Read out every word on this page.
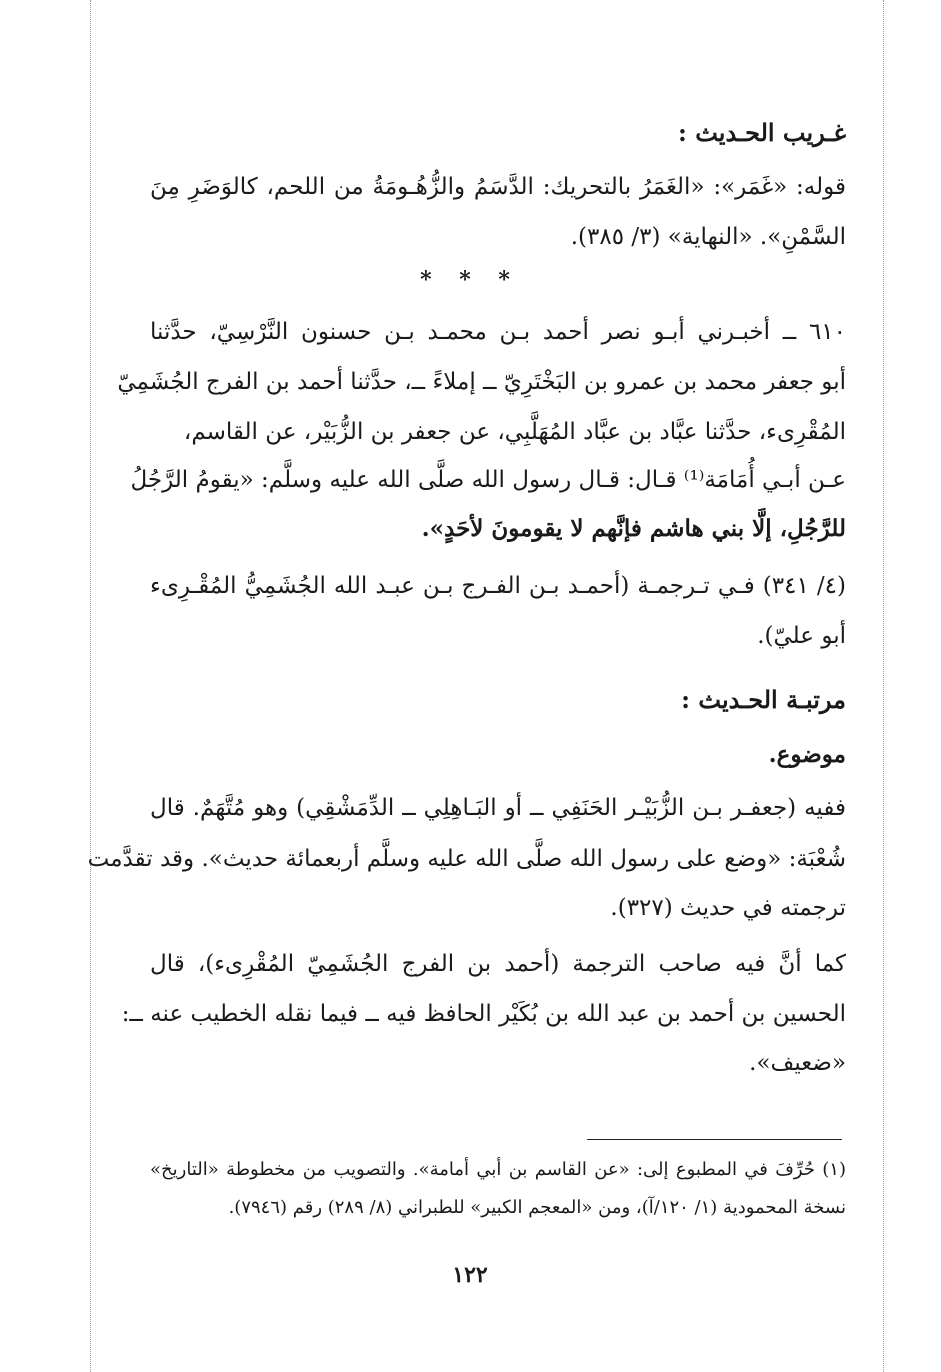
غـريب الحـديث :
قوله: «غَمَر»: «الغَمَرُ بالتحريك: الدَّسَمُ والزُّهُـومَةُ من اللحم، كالوَضَرِ مِنَ
السَّمْنِ». «النهاية» (٣/ ٣٨٥).
* * *
٦١٠ ــ أخبـرني أبـو نصر أحمد بـن محمـد بـن حسنون النَّرْسِيّ، حدَّثنا
أبو جعفر محمد بن عمرو بن البَخْتَرِيّ ــ إملاءً ــ، حدَّثنا أحمد بن الفرج الجُشَمِيّ
المُقْرِىء، حدَّثنا عبَّاد بن عبَّاد المُهَلَّبِي، عن جعفر بن الزُّبَيْر، عن القاسم،
عـن أبـي أُمَامَة⁽¹⁾ قـال: قـال رسول الله صلَّى الله عليه وسلَّم: «يقومُ الرَّجُلُ
للرَّجُلِ، إلَّا بني هاشم فإنَّهم لا يقومونَ لأحَدٍ».
(٤/ ٣٤١) فـي تـرجمـة (أحمـد بـن الفـرج بـن عبـد الله الجُشَمِيُّ المُقْـرِىء
أبو عليّ).
مرتبـة الحـديث :
موضوع.
ففيه (جعفـر بـن الزُّبَيْـر الحَنَفِي ــ أو البَـاهِلِي ــ الدِّمَشْقِي) وهو مُتَّهَمٌ. قال
شُعْبَة: «وضع على رسول الله صلَّى الله عليه وسلَّم أربعمائة حديث». وقد تقدَّمت
ترجمته في حديث (٣٢٧).
كما أنَّ فيه صاحب الترجمة (أحمد بن الفرج الجُشَمِيّ المُقْرِىء)، قال
الحسين بن أحمد بن عبد الله بن بُكَيْر الحافظ فيه ــ فيما نقله الخطيب عنه ــ:
«ضعيف».
(١) حُرِّفَ في المطبوع إلى: «عن القاسم بن أبي أمامة». والتصويب من مخطوطة «التاريخ»
نسخة المحمودية (١/ ١٢٠/آ)، ومن «المعجم الكبير» للطبراني (٨/ ٢٨٩) رقم (٧٩٤٦).
١٢٢
